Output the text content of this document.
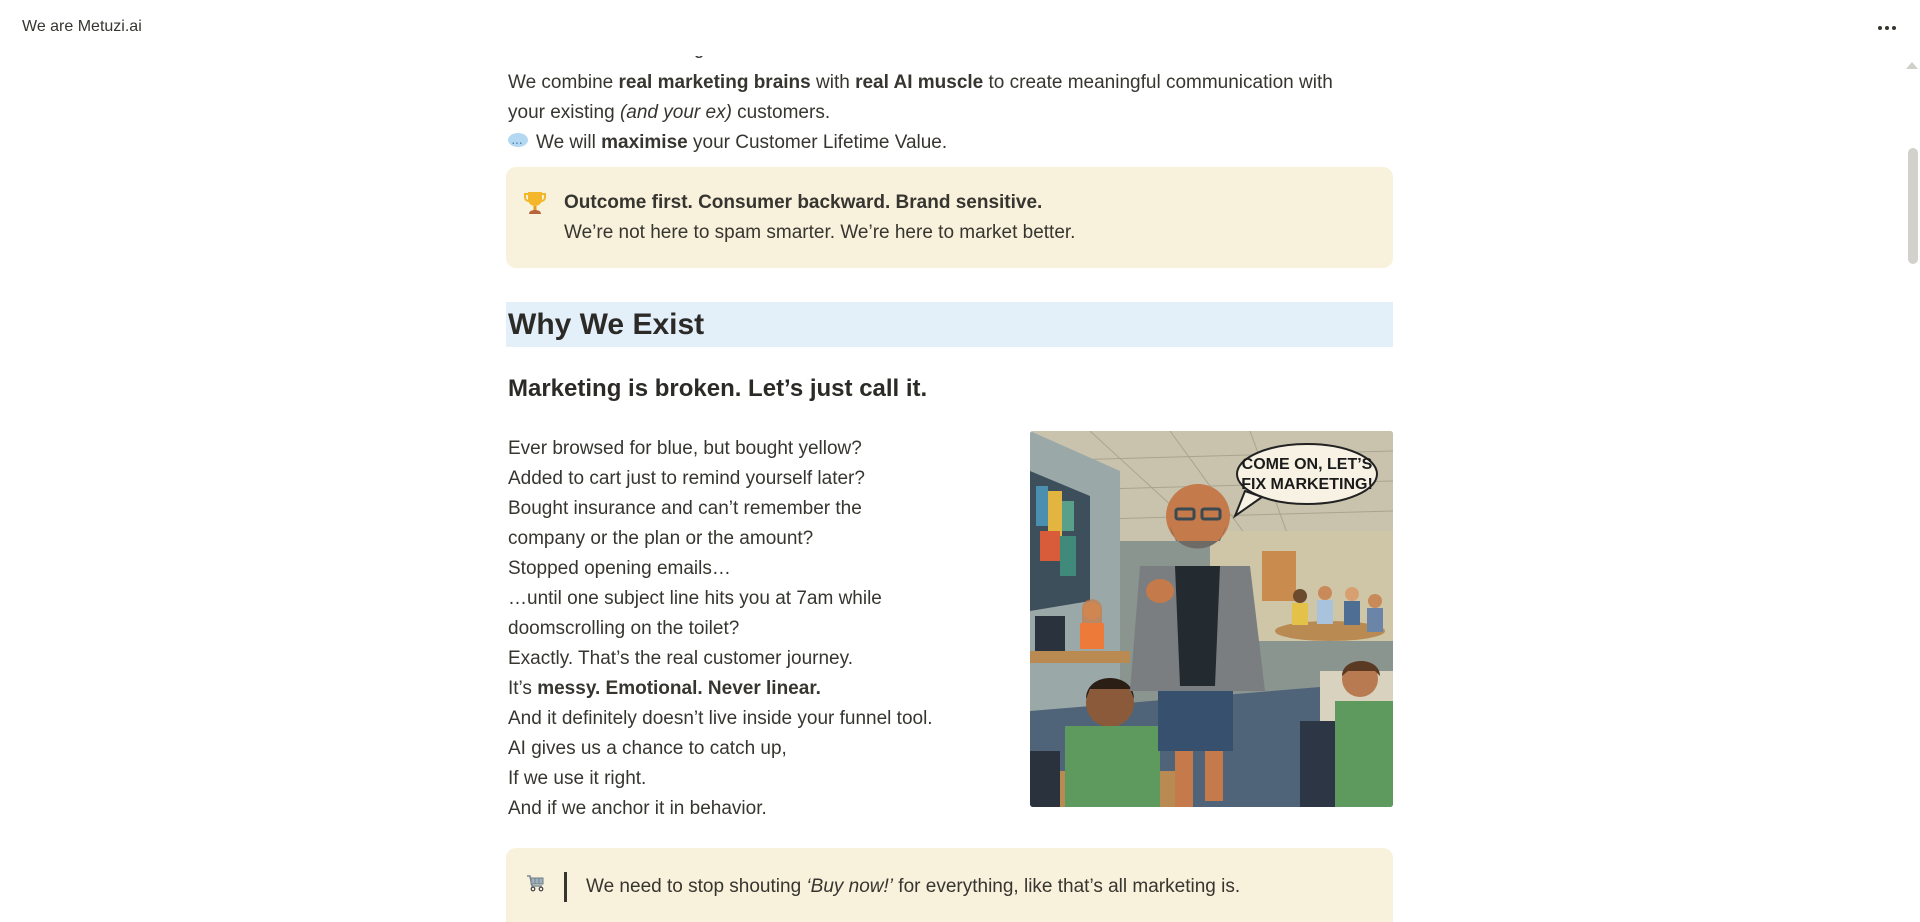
We are Metuzi.ai
We combine real marketing brains with real AI muscle to create meaningful communication with
your existing (and your ex) customers.
···We will maximise your Customer Lifetime Value.
Outcome first. Consumer backward. Brand sensitive.
We’re not here to spam smarter. We’re here to market better.
Why We Exist
Marketing is broken. Let’s just call it.
Ever browsed for blue, but bought yellow?
Added to cart just to remind yourself later?
Bought insurance and can’t remember the
company or the plan or the amount?
Stopped opening emails…
…until one subject line hits you at 7am while
doomscrolling on the toilet?
Exactly. That’s the real customer journey.
It’s messy. Emotional. Never linear.
And it definitely doesn’t live inside your funnel tool.
AI gives us a chance to catch up,
If we use it right.
And if we anchor it in behavior.
COME ON, LET’S
FIX MARKETING!
We need to stop shouting ‘Buy now!’ for everything, like that’s all marketing is.
